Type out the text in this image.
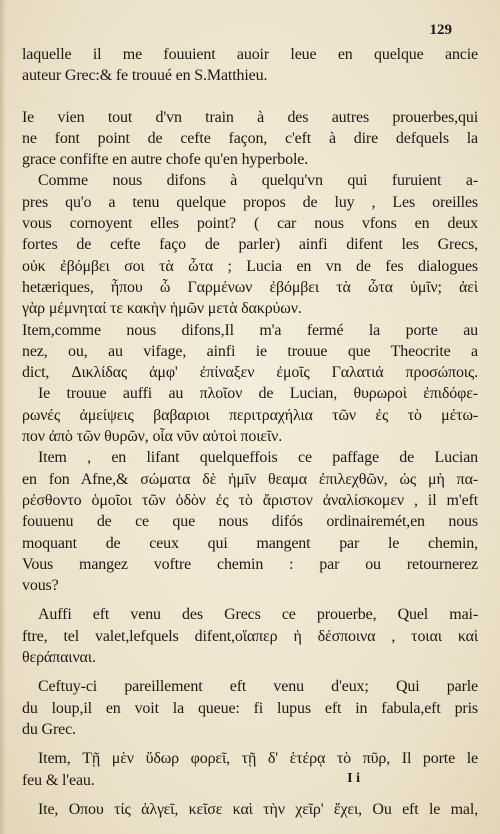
129
laquelle il me fouuient auoir leue en quelque ancie
auteur Grec:& fe trouué en S.Matthieu.
Ie vien tout d'vn train à des autres prouerbes,qui
ne font point de cefte façon, c'eft à dire defquels la
grace confifte en autre chofe qu'en hyperbole.
Comme nous difons à quelqu'vn qui furuient a-
pres qu'o a tenu quelque propos de luy , Les oreilles
vous cornoyent elles point? ( car nous vfons en deux
fortes de cefte faço de parler) ainfi difent les Grecs,
οὐκ ἐβόμβει σοι τὰ ὦτα ; Lucia en vn de fes dialogues
hetæriques, ἦπου ὦ Γαρμένων ἐβόμβει τὰ ὦτα ὑμῖν; ἀεὶ
γὰρ μέμνηταί τε κακὴν ἡμῶν μετὰ δακρύων.
Item,comme nous difons,Il m'a fermé la porte au
nez, ou, au vifage, ainfi ie trouue que Theocrite a
dict, Δικλίδας ἀμφ' ἐπίναξεν ἐμοῖς Γαλατιά προσώποις.
Ie trouue auffi au πλοῖον de Lucian, θυρωροὶ ἐπιδόφε-
ρωνές ἀμείψεις βαβαριοι περιτραχήλια τῶν ἐς τὸ μέτω-
πον ἀπὸ τῶν θυρῶν, οἷα νῦν αὐτοὶ ποιεῖν.
Item , en lifant quelqueffois ce paffage de Lucian
en fon Afne,& σώματα δὲ ἡμῖν θεαμα ἐπιλεχθῶν, ὡς μὴ πα-
ρέσθοντο ὁμοῖοι τῶν ὁδὸν ἐς τὸ ἄριστον ἀναλίσκομεν , il m'eft
fouuenu de ce que nous difós ordinairemét,en nous
moquant de ceux qui mangent par le chemin,
Vous mangez voftre chemin : par ou retournerez
vous?
Auffi eft venu des Grecs ce prouerbe, Quel mai-
ftre, tel valet,lefquels difent,οἵαπερ ἡ δέσποινα , τοιαι καὶ
θεράπαιναι.
Ceftuy-ci pareillement eft venu d'eux; Qui parle
du loup,il en voit la queue: fi lupus eft in fabula,eft pris
du Grec.
Item, Τῇ μὲν ὕδωρ φορεῖ, τῇ δ' ἑτέρᾳ τὸ πῦρ, Il porte le
feu & l'eau.
Ite, Οπου τίς ἀλγεῖ, κεῖσε καὶ τὴν χεῖρ' ἔχει, Ou eft le mal,
I i
